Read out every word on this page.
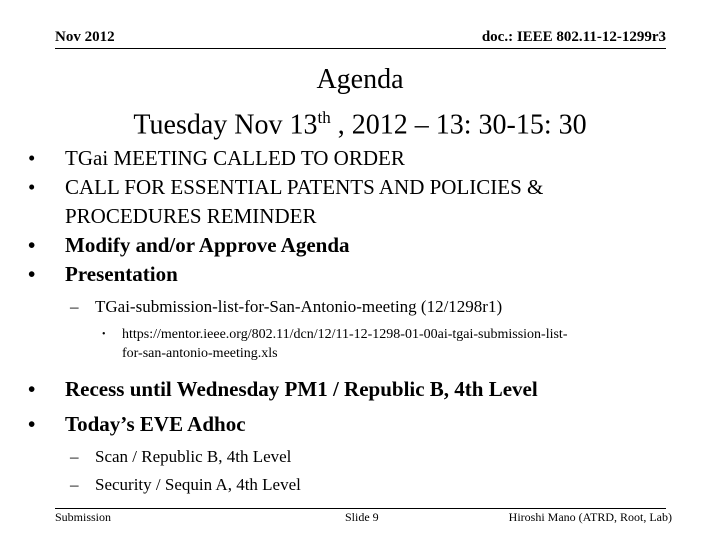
Nov 2012	doc.: IEEE 802.11-12-1299r3
Agenda
Tuesday Nov 13th , 2012 – 13: 30-15: 30
• TGai MEETING CALLED TO ORDER
• CALL FOR ESSENTIAL PATENTS AND POLICIES &
PROCEDURES REMINDER
• Modify and/or Approve Agenda
• Presentation
– TGai-submission-list-for-San-Antonio-meeting (12/1298r1)
• https://mentor.ieee.org/802.11/dcn/12/11-12-1298-01-00ai-tgai-submission-list-
for-san-antonio-meeting.xls
• Recess until Wednesday PM1 / Republic B, 4th Level
• Today’s EVE Adhoc
– Scan / Republic B, 4th Level
– Security / Sequin A, 4th Level
Submission	Slide 9	Hiroshi Mano (ATRD, Root, Lab)
